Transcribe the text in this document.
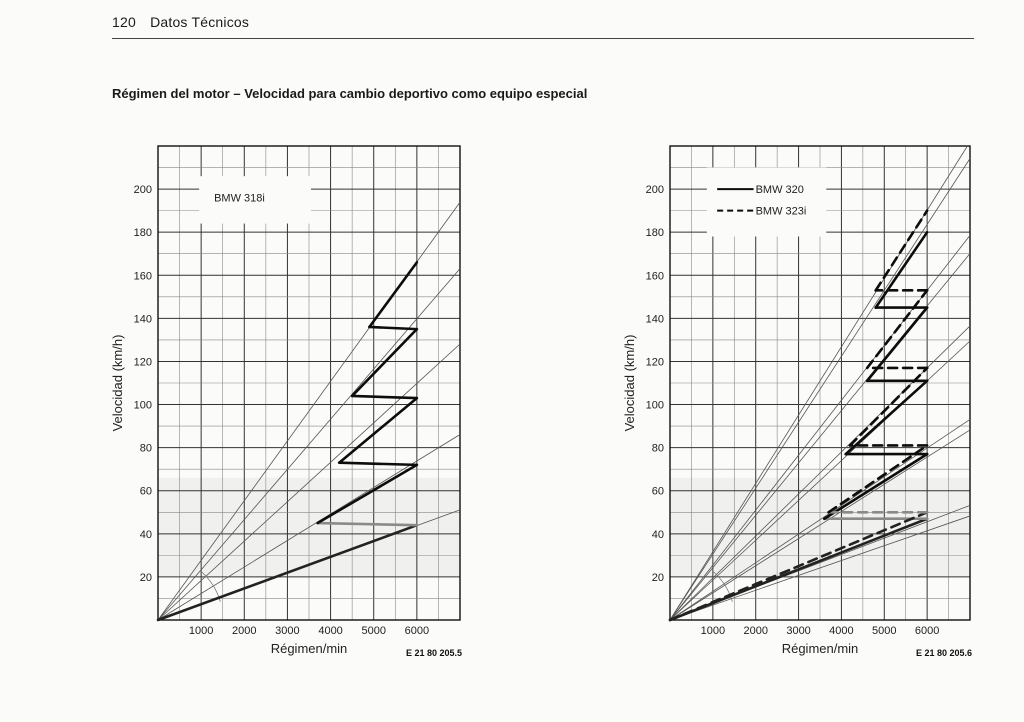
120 Datos Técnicos
Régimen del motor – Velocidad para cambio deportivo como equipo especial
20
40
60
80
100
120
140
160
180
200
1000 2000 3000 4000 5000 6000
Régimen/min
Velocidad (km/h)
E 21 80 205.5
BMW 318i
20
40
60
80
100
120
140
160
180
200
1000 2000 3000 4000 5000 6000
Régimen/min
Velocidad (km/h)
E 21 80 205.6
BMW 320
BMW 323i
